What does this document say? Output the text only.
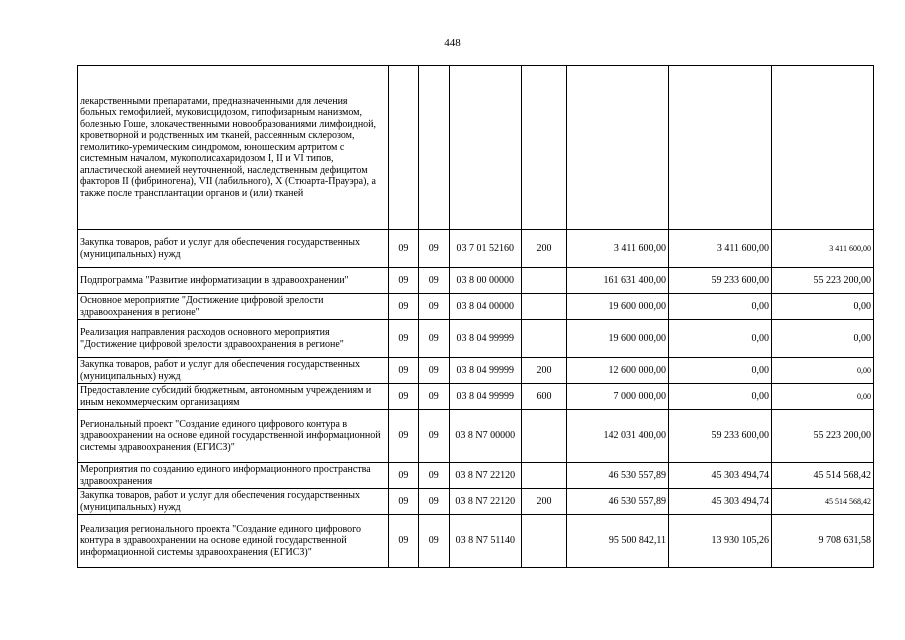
448
лекарственными препаратами, предназначенными для лечения больных гемофилией, муковисцидозом, гипофизарным нанизмом, болезнью Гоше, злокачественными новообразованиями лимфоидной, кроветворной и родственных им тканей, рассеянным склерозом, гемолитико-уремическим синдромом, юношеским артритом с системным началом, мукополисахаридозом I, II и VI типов, апластической анемией неуточненной, наследственным дефицитом факторов II (фибриногена), VII (лабильного), X (Стюарта-Прауэра), а также после трансплантации органов и (или) тканей							
Закупка товаров, работ и услуг для обеспечения государственных (муниципальных) нужд	09	09	03 7 01 52160	200	3 411 600,00	3 411 600,00	3 411 600,00
Подпрограмма "Развитие информатизации в здравоохранении"	09	09	03 8 00 00000		161 631 400,00	59 233 600,00	55 223 200,00
Основное мероприятие "Достижение цифровой зрелости здравоохранения в регионе"	09	09	03 8 04 00000		19 600 000,00	0,00	0,00
Реализация направления расходов основного мероприятия "Достижение цифровой зрелости здравоохранения в регионе"	09	09	03 8 04 99999		19 600 000,00	0,00	0,00
Закупка товаров, работ и услуг для обеспечения государственных (муниципальных) нужд	09	09	03 8 04 99999	200	12 600 000,00	0,00	0,00
Предоставление субсидий бюджетным, автономным учреждениям и иным некоммерческим организациям	09	09	03 8 04 99999	600	7 000 000,00	0,00	0,00
Региональный проект "Создание единого цифрового контура в здравоохранении на основе единой государственной информационной системы здравоохранения (ЕГИСЗ)"	09	09	03 8 N7 00000		142 031 400,00	59 233 600,00	55 223 200,00
Мероприятия по созданию единого информационного пространства здравоохранения	09	09	03 8 N7 22120		46 530 557,89	45 303 494,74	45 514 568,42
Закупка товаров, работ и услуг для обеспечения государственных (муниципальных) нужд	09	09	03 8 N7 22120	200	46 530 557,89	45 303 494,74	45 514 568,42
Реализация регионального проекта "Создание единого цифрового контура в здравоохранении на основе единой государственной информационной системы здравоохранения (ЕГИСЗ)"	09	09	03 8 N7 51140		95 500 842,11	13 930 105,26	9 708 631,58
